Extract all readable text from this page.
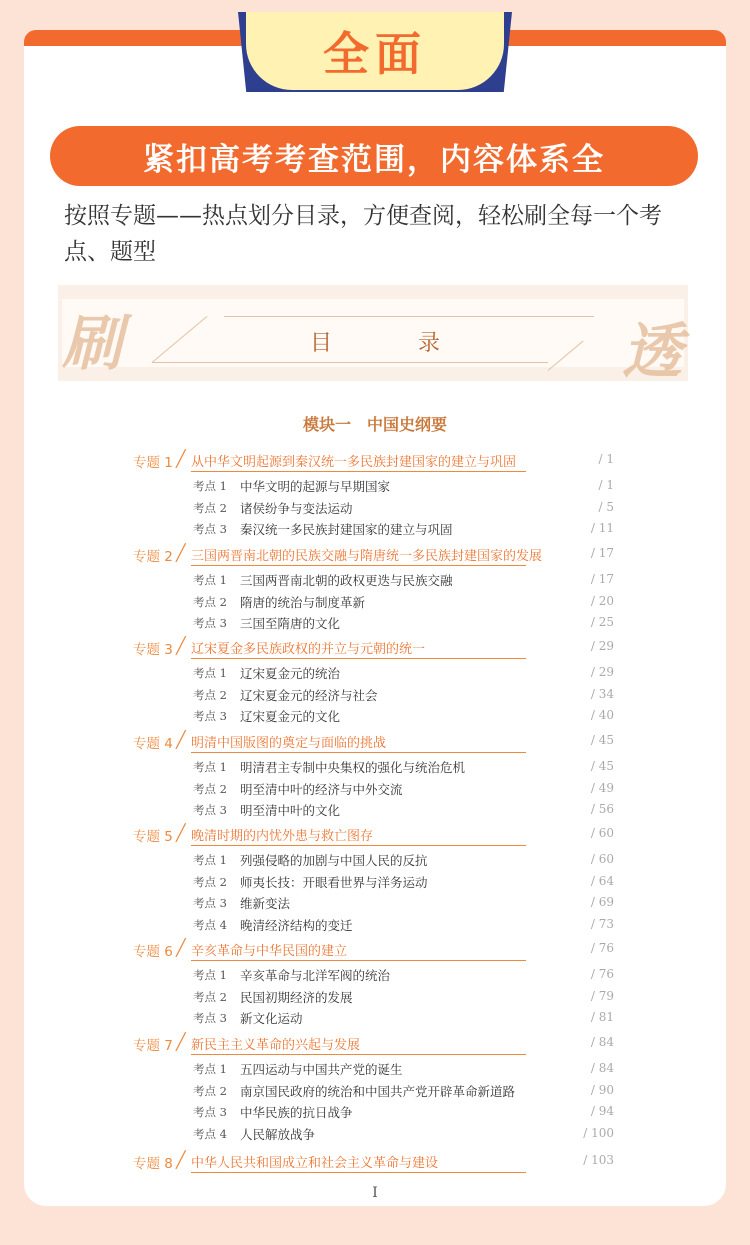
全面
紧扣高考考查范围，内容体系全
按照专题——热点划分目录，方便查阅，轻松刷全每一个考点、题型
刷	透
目　录
模块一　中国史纲要
专题 1 ╱ 从中华文明起源到秦汉统一多民族封建国家的建立与巩固	/ 1
考点 1 中华文明的起源与早期国家	/ 1
考点 2 诸侯纷争与变法运动	/ 5
考点 3 秦汉统一多民族封建国家的建立与巩固	/ 11
专题 2 ╱ 三国两晋南北朝的民族交融与隋唐统一多民族封建国家的发展	/ 17
考点 1 三国两晋南北朝的政权更迭与民族交融	/ 17
考点 2 隋唐的统治与制度革新	/ 20
考点 3 三国至隋唐的文化	/ 25
专题 3 ╱ 辽宋夏金多民族政权的并立与元朝的统一	/ 29
考点 1 辽宋夏金元的统治	/ 29
考点 2 辽宋夏金元的经济与社会	/ 34
考点 3 辽宋夏金元的文化	/ 40
专题 4 ╱ 明清中国版图的奠定与面临的挑战	/ 45
考点 1 明清君主专制中央集权的强化与统治危机	/ 45
考点 2 明至清中叶的经济与中外交流	/ 49
考点 3 明至清中叶的文化	/ 56
专题 5 ╱ 晚清时期的内忧外患与救亡图存	/ 60
考点 1 列强侵略的加剧与中国人民的反抗	/ 60
考点 2 师夷长技：开眼看世界与洋务运动	/ 64
考点 3 维新变法	/ 69
考点 4 晚清经济结构的变迁	/ 73
专题 6 ╱ 辛亥革命与中华民国的建立	/ 76
考点 1 辛亥革命与北洋军阀的统治	/ 76
考点 2 民国初期经济的发展	/ 79
考点 3 新文化运动	/ 81
专题 7 ╱ 新民主主义革命的兴起与发展	/ 84
考点 1 五四运动与中国共产党的诞生	/ 84
考点 2 南京国民政府的统治和中国共产党开辟革命新道路	/ 90
考点 3 中华民族的抗日战争	/ 94
考点 4 人民解放战争	/ 100
专题 8 ╱ 中华人民共和国成立和社会主义革命与建设	/ 103
I
